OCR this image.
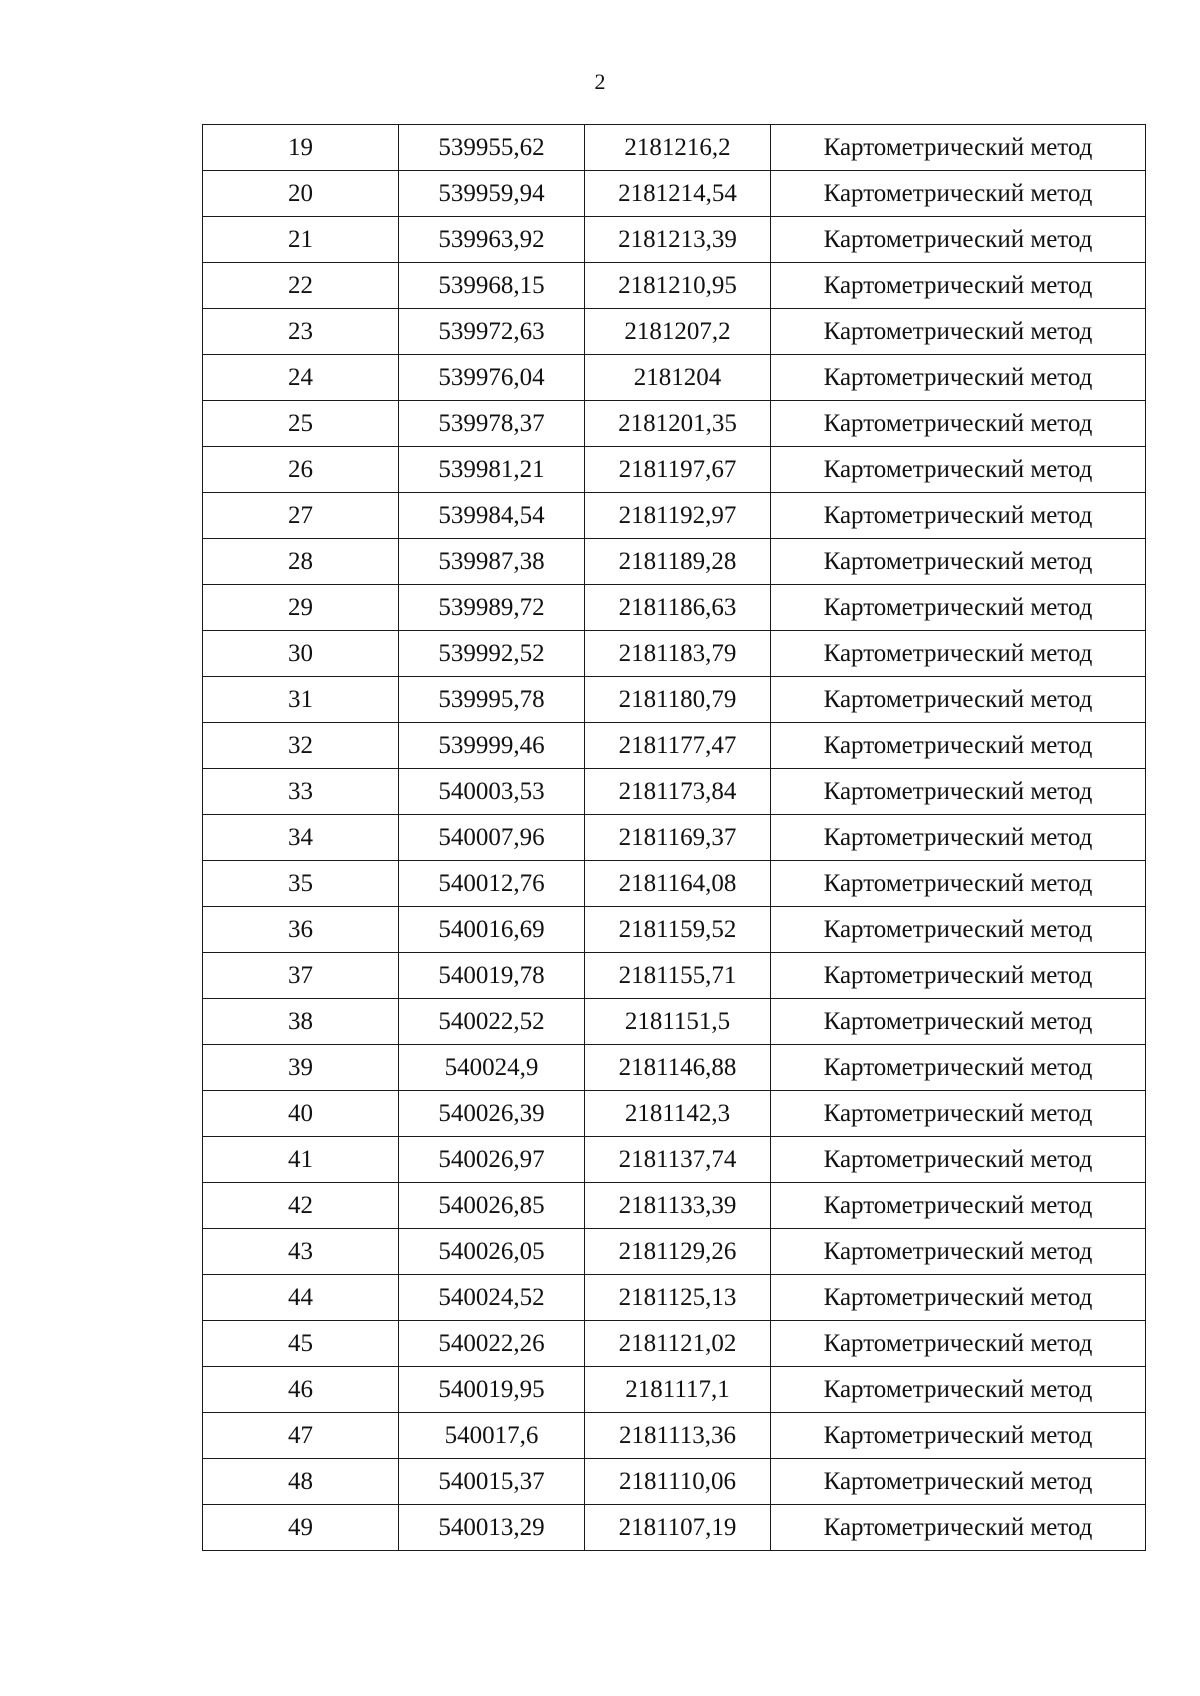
2
19	539955,62	2181216,2	Картометрический метод
20	539959,94	2181214,54	Картометрический метод
21	539963,92	2181213,39	Картометрический метод
22	539968,15	2181210,95	Картометрический метод
23	539972,63	2181207,2	Картометрический метод
24	539976,04	2181204	Картометрический метод
25	539978,37	2181201,35	Картометрический метод
26	539981,21	2181197,67	Картометрический метод
27	539984,54	2181192,97	Картометрический метод
28	539987,38	2181189,28	Картометрический метод
29	539989,72	2181186,63	Картометрический метод
30	539992,52	2181183,79	Картометрический метод
31	539995,78	2181180,79	Картометрический метод
32	539999,46	2181177,47	Картометрический метод
33	540003,53	2181173,84	Картометрический метод
34	540007,96	2181169,37	Картометрический метод
35	540012,76	2181164,08	Картометрический метод
36	540016,69	2181159,52	Картометрический метод
37	540019,78	2181155,71	Картометрический метод
38	540022,52	2181151,5	Картометрический метод
39	540024,9	2181146,88	Картометрический метод
40	540026,39	2181142,3	Картометрический метод
41	540026,97	2181137,74	Картометрический метод
42	540026,85	2181133,39	Картометрический метод
43	540026,05	2181129,26	Картометрический метод
44	540024,52	2181125,13	Картометрический метод
45	540022,26	2181121,02	Картометрический метод
46	540019,95	2181117,1	Картометрический метод
47	540017,6	2181113,36	Картометрический метод
48	540015,37	2181110,06	Картометрический метод
49	540013,29	2181107,19	Картометрический метод
